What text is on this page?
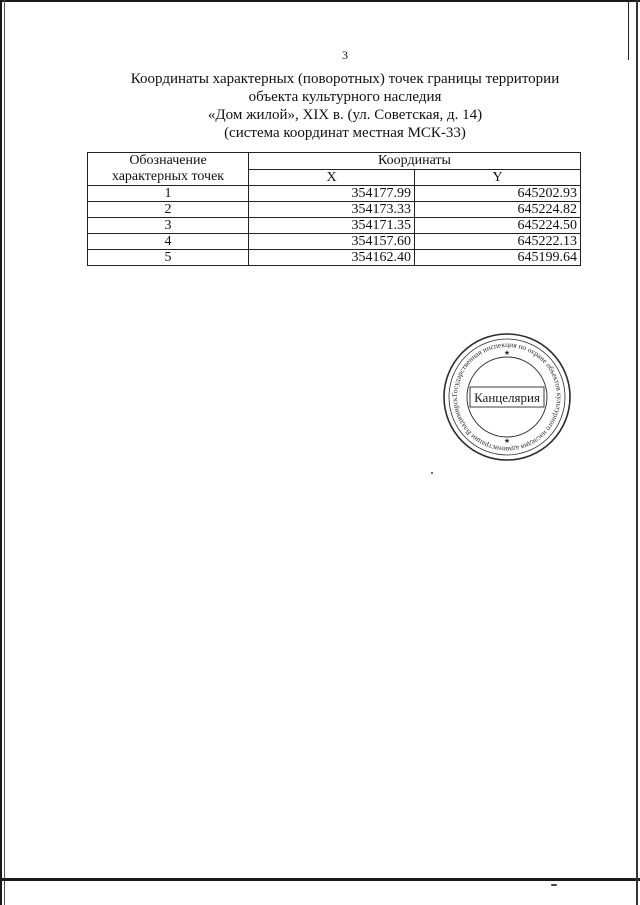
3
Координаты характерных (поворотных) точек границы территории
объекта культурного наследия
«Дом жилой», XIX в. (ул. Советская, д. 14)
(система координат местная МСК-33)
Обозначение характерных точек	Координаты	
	X	Y
1	354177.99	645202.93
2	354173.33	645224.82
3	354171.35	645224.50
4	354157.60	645222.13
5	354162.40	645199.64
Государственная инспекция по охране объектов культурного наследия администрации Владимирск	Канцелярия
★
★
